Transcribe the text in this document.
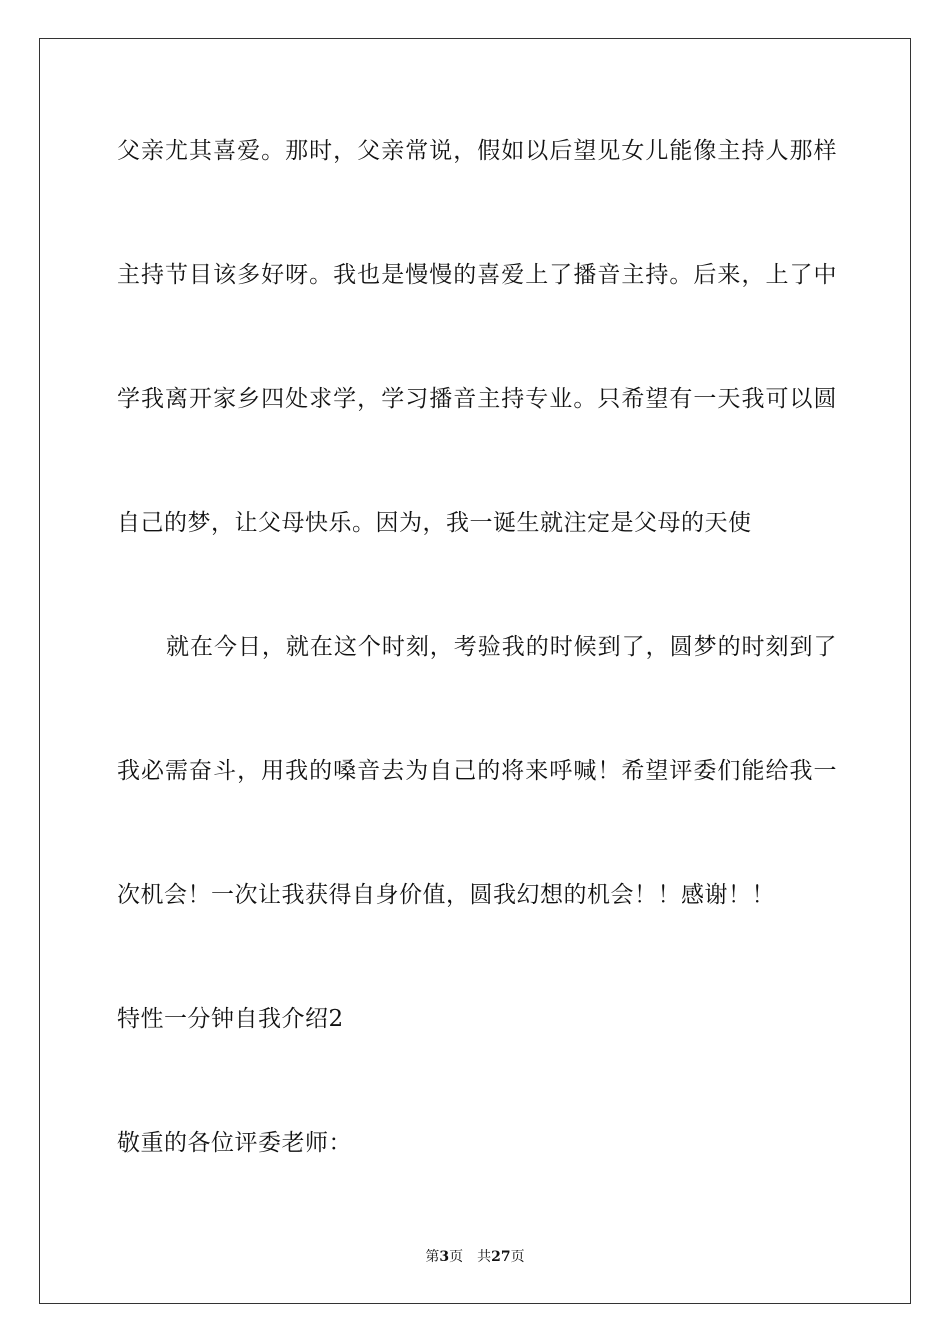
父亲尤其喜爱。那时，父亲常说，假如以后望见女儿能像主持人那样
主持节目该多好呀。我也是慢慢的喜爱上了播音主持。后来，上了中
学我离开家乡四处求学，学习播音主持专业。只希望有一天我可以圆
自己的梦，让父母快乐。因为，我一诞生就注定是父母的天使
就在今日，就在这个时刻，考验我的时候到了，圆梦的时刻到了
我必需奋斗，用我的嗓音去为自己的将来呼喊！希望评委们能给我一
次机会！一次让我获得自身价值，圆我幻想的机会！！感谢！！
特性一分钟自我介绍2
敬重的各位评委老师：
第3页 共27页
